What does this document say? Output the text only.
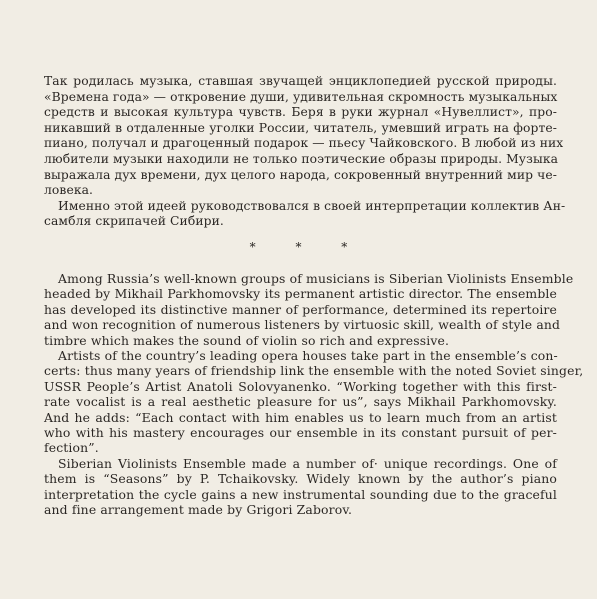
Так родилась музыка, ставшая звучащей энциклопедией русской природы.
«Времена года» — откровение души, удивительная скромность музыкальных
средств и высокая культура чувств. Беря в руки журнал «Нувеллист», про-
никавший в отдаленные уголки России, читатель, умевший играть на форте-
пиано, получал и драгоценный подарок — пьесу Чайковского. В любой из них
любители музыки находили не только поэтические образы природы. Музыка
выражала дух времени, дух целого народа, сокровенный внутренний мир че-
ловека.
Именно этой идеей руководствовался в своей интерпретации коллектив Ан-
самбля скрипачей Сибири.
* * *
Among Russia’s well-known groups of musicians is Siberian Violinists Ensemble
headed by Mikhail Parkhomovsky its permanent artistic director. The ensemble
has developed its distinctive manner of performance, determined its repertoire
and won recognition of numerous listeners by virtuosic skill, wealth of style and
timbre which makes the sound of violin so rich and expressive.
Artists of the country’s leading opera houses take part in the ensemble’s con-
certs: thus many years of friendship link the ensemble with the noted Soviet singer,
USSR People’s Artist Anatoli Solovyanenko. “Working together with this first-
rate vocalist is a real aesthetic pleasure for us”, says Mikhail Parkhomovsky.
And he adds: “Each contact with him enables us to learn much from an artist
who with his mastery encourages our ensemble in its constant pursuit of per-
fection”.
Siberian Violinists Ensemble made a number of· unique recordings. One of
them is “Seasons” by P. Tchaikovsky. Widely known by the author’s piano
interpretation the cycle gains a new instrumental sounding due to the graceful
and fine arrangement made by Grigori Zaborov.
